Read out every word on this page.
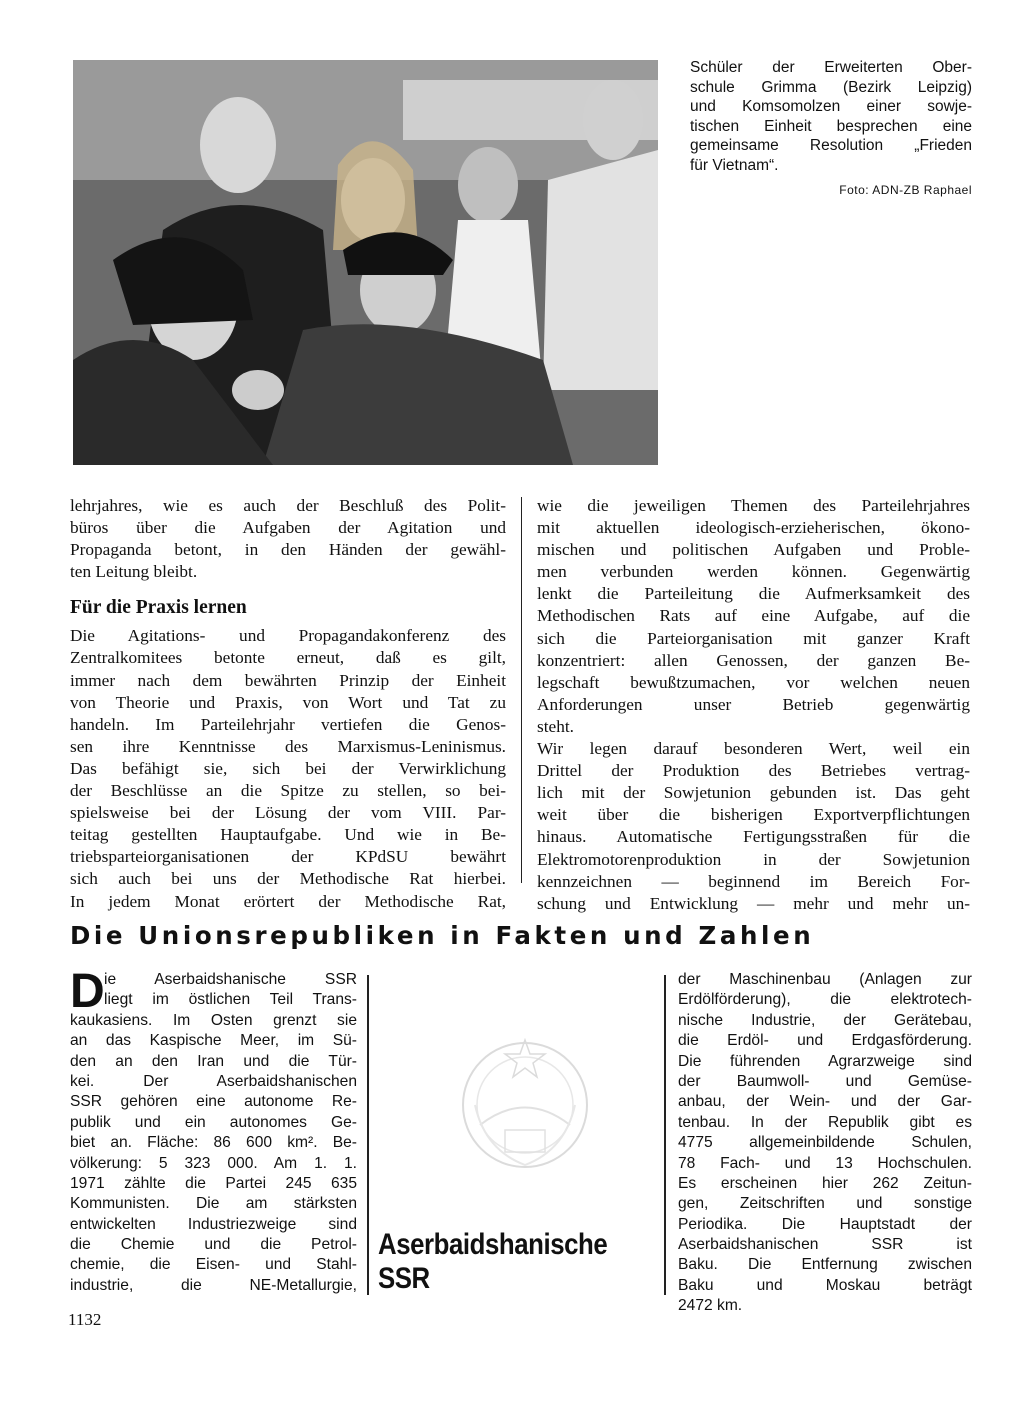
Schüler der Erweiterten Ober-
schule Grimma (Bezirk Leipzig)
und Komsomolzen einer sowje-
tischen Einheit besprechen eine
gemeinsame Resolution „Frieden
für Vietnam“.
Foto: ADN-ZB Raphael
lehrjahres, wie es auch der Beschluß des Polit-
büros über die Aufgaben der Agitation und
Propaganda betont, in den Händen der gewähl-
ten Leitung bleibt.
Für die Praxis lernen
Die Agitations- und Propagandakonferenz des
Zentralkomitees betonte erneut, daß es gilt,
immer nach dem bewährten Prinzip der Einheit
von Theorie und Praxis, von Wort und Tat zu
handeln. Im Parteilehrjahr vertiefen die Genos-
sen ihre Kenntnisse des Marxismus-Leninismus.
Das befähigt sie, sich bei der Verwirklichung
der Beschlüsse an die Spitze zu stellen, so bei-
spielsweise bei der Lösung der vom VIII. Par-
teitag gestellten Hauptaufgabe. Und wie in Be-
triebsparteiorganisationen der KPdSU bewährt
sich auch bei uns der Methodische Rat hierbei.
In jedem Monat erörtert der Methodische Rat,
wie die jeweiligen Themen des Parteilehrjahres
mit aktuellen ideologisch-erzieherischen, ökono-
mischen und politischen Aufgaben und Proble-
men verbunden werden können. Gegenwärtig
lenkt die Parteileitung die Aufmerksamkeit des
Methodischen Rats auf eine Aufgabe, auf die
sich die Parteiorganisation mit ganzer Kraft
konzentriert: allen Genossen, der ganzen Be-
legschaft bewußtzumachen, vor welchen neuen
Anforderungen unser Betrieb gegenwärtig
steht.
Wir legen darauf besonderen Wert, weil ein
Drittel der Produktion des Betriebes vertrag-
lich mit der Sowjetunion gebunden ist. Das geht
weit über die bisherigen Exportverpflichtungen
hinaus. Automatische Fertigungsstraßen für die
Elektromotorenproduktion in der Sowjetunion
kennzeichnen — beginnend im Bereich For-
schung und Entwicklung — mehr und mehr un-
Die Unionsrepubliken in Fakten und Zahlen
D ie Aserbaidshanische SSR
liegt im östlichen Teil Trans-
kaukasiens. Im Osten grenzt sie
an das Kaspische Meer, im Sü-
den an den Iran und die Tür-
kei. Der Aserbaidshanischen
SSR gehören eine autonome Re-
publik und ein autonomes Ge-
biet an. Fläche: 86 600 km². Be-
völkerung: 5 323 000. Am 1. 1.
1971 zählte die Partei 245 635
Kommunisten. Die am stärksten
entwickelten Industriezweige sind
die Chemie und die Petrol-
chemie, die Eisen- und Stahl-
industrie, die NE-Metallurgie,
Aserbaidshanische SSR
der Maschinenbau (Anlagen zur
Erdölförderung), die elektrotech-
nische Industrie, der Gerätebau,
die Erdöl- und Erdgasförderung.
Die führenden Agrarzweige sind
der Baumwoll- und Gemüse-
anbau, der Wein- und der Gar-
tenbau. In der Republik gibt es
4775 allgemeinbildende Schulen,
78 Fach- und 13 Hochschulen.
Es erscheinen hier 262 Zeitun-
gen, Zeitschriften und sonstige
Periodika. Die Hauptstadt der
Aserbaidshanischen SSR ist
Baku. Die Entfernung zwischen
Baku und Moskau beträgt
2472 km.
1132
